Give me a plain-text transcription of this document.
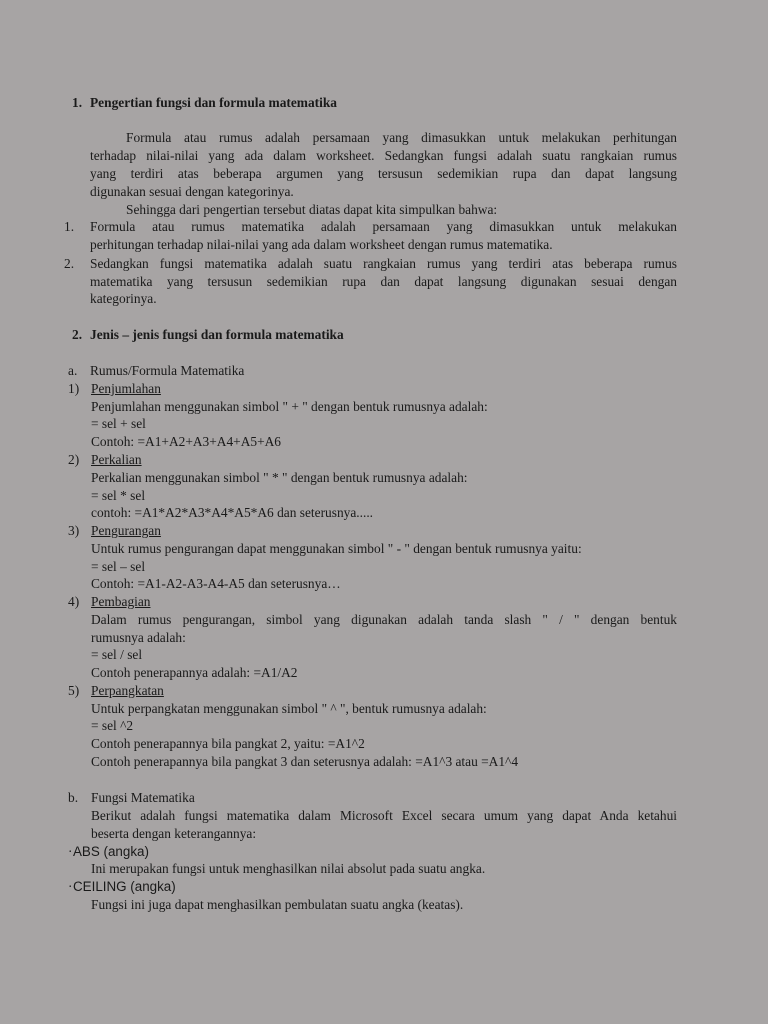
1. Pengertian fungsi dan formula matematika
Formula atau rumus adalah persamaan yang dimasukkan untuk melakukan perhitungan
terhadap nilai-nilai yang ada dalam worksheet. Sedangkan fungsi adalah suatu rangkaian rumus
yang terdiri atas beberapa argumen yang tersusun sedemikian rupa dan dapat langsung
digunakan sesuai dengan kategorinya.
Sehingga dari pengertian tersebut diatas dapat kita simpulkan bahwa:
1. Formula atau rumus matematika adalah persamaan yang dimasukkan untuk melakukan
perhitungan terhadap nilai-nilai yang ada dalam worksheet dengan rumus matematika.
2. Sedangkan fungsi matematika adalah suatu rangkaian rumus yang terdiri atas beberapa rumus
matematika yang tersusun sedemikian rupa dan dapat langsung digunakan sesuai dengan
kategorinya.
2. Jenis – jenis fungsi dan formula matematika
a. Rumus/Formula Matematika
1) Penjumlahan
Penjumlahan menggunakan simbol " + " dengan bentuk rumusnya adalah:
= sel + sel
Contoh: =A1+A2+A3+A4+A5+A6
2) Perkalian
Perkalian menggunakan simbol " * " dengan bentuk rumusnya adalah:
= sel * sel
contoh: =A1*A2*A3*A4*A5*A6 dan seterusnya.....
3) Pengurangan
Untuk rumus pengurangan dapat menggunakan simbol " - " dengan bentuk rumusnya yaitu:
= sel – sel
Contoh: =A1-A2-A3-A4-A5 dan seterusnya…
4) Pembagian
Dalam rumus pengurangan, simbol yang digunakan adalah tanda slash " / " dengan bentuk
rumusnya adalah:
= sel / sel
Contoh penerapannya adalah: =A1/A2
5) Perpangkatan
Untuk perpangkatan menggunakan simbol " ^ ", bentuk rumusnya adalah:
= sel ^2
Contoh penerapannya bila pangkat 2, yaitu: =A1^2
Contoh penerapannya bila pangkat 3 dan seterusnya adalah: =A1^3 atau =A1^4
b. Fungsi Matematika
Berikut adalah fungsi matematika dalam Microsoft Excel secara umum yang dapat Anda ketahui
beserta dengan keterangannya:
· ABS (angka)
Ini merupakan fungsi untuk menghasilkan nilai absolut pada suatu angka.
· CEILING (angka)
Fungsi ini juga dapat menghasilkan pembulatan suatu angka (keatas).
